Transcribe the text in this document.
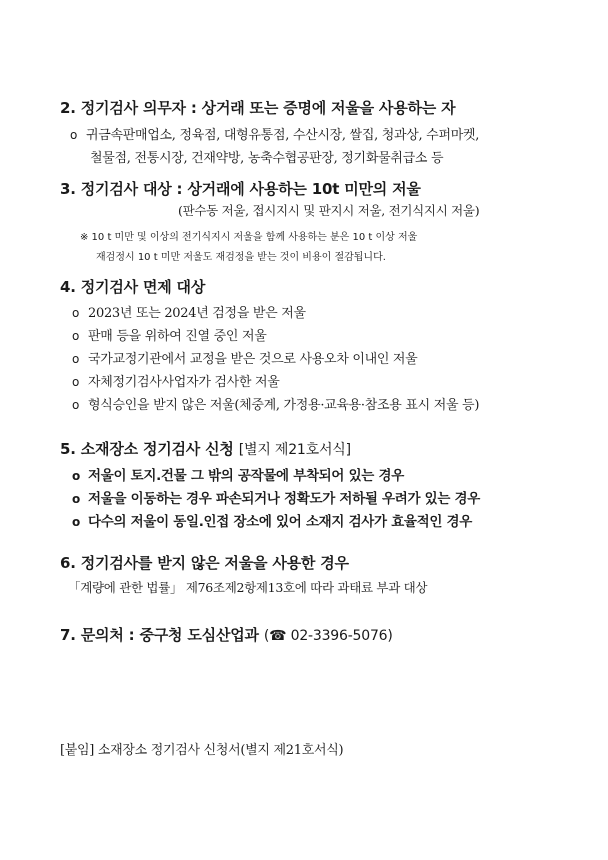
2. 정기검사 의무자 : 상거래 또는 증명에 저울을 사용하는 자
o 귀금속판매업소, 정육점, 대형유통점, 수산시장, 쌀집, 청과상, 수퍼마켓,
철물점, 전통시장, 건재약방, 농축수협공판장, 정기화물취급소 등
3. 정기검사 대상 : 상거래에 사용하는 10t 미만의 저울
(판수동 저울, 접시지시 및 판지시 저울, 전기식지시 저울)
※ 10 t 미만 및 이상의 전기식지시 저울을 함께 사용하는 분은 10 t 이상 저울
재검정시 10 t 미만 저울도 재검정을 받는 것이 비용이 절감됩니다.
4. 정기검사 면제 대상
o 2023년 또는 2024년 검정을 받은 저울
o 판매 등을 위하여 진열 중인 저울
o 국가교정기관에서 교정을 받은 것으로 사용오차 이내인 저울
o 자체정기검사사업자가 검사한 저울
o 형식승인을 받지 않은 저울(체중계, 가정용·교육용·참조용 표시 저울 등)
5. 소재장소 정기검사 신청 [별지 제21호서식]
o 저울이 토지.건물 그 밖의 공작물에 부착되어 있는 경우
o 저울을 이동하는 경우 파손되거나 정확도가 저하될 우려가 있는 경우
o 다수의 저울이 동일.인접 장소에 있어 소재지 검사가 효율적인 경우
6. 정기검사를 받지 않은 저울을 사용한 경우
「계량에 관한 법률」 제76조제2항제13호에 따라 과태료 부과 대상
7. 문의처 : 중구청 도심산업과 (☎ 02-3396-5076)
[붙임] 소재장소 정기검사 신청서(별지 제21호서식)
